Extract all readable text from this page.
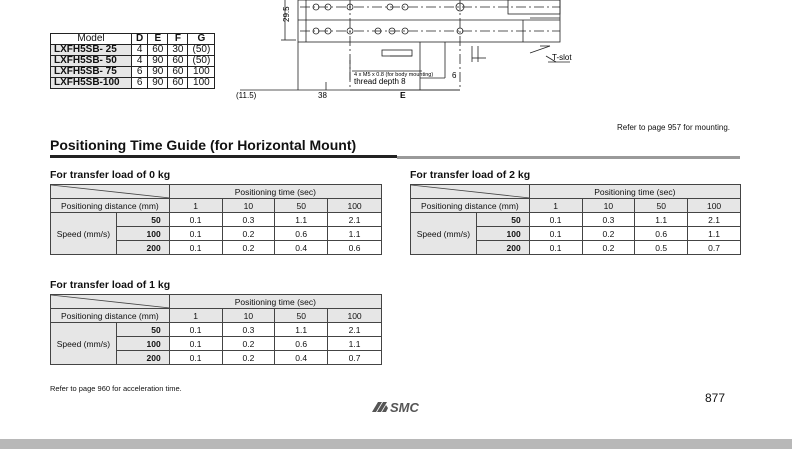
Model	D	E	F	G
LXFH5SB- 25	4	60	30	(50)
LXFH5SB- 50	4	90	60	(50)
LXFH5SB- 75	6	90	60	100
LXFH5SB-100	6	90	60	100
29.5
(11.5)	38	E
6
4 x M5 x 0.8 (for body mounting)
thread depth 8
T-slot
Refer to page 957 for mounting.
Positioning Time Guide (for Horizontal Mount)
For transfer load of 0 kg
	Positioning time (sec)			
Positioning distance (mm)		1	10	50	100
Speed (mm/s)	50	0.1	0.3	1.1	2.1
	100	0.1	0.2	0.6	1.1
	200	0.1	0.2	0.4	0.6
For transfer load of 2 kg
	Positioning time (sec)			
Positioning distance (mm)		1	10	50	100
Speed (mm/s)	50	0.1	0.3	1.1	2.1
	100	0.1	0.2	0.6	1.1
	200	0.1	0.2	0.5	0.7
For transfer load of 1 kg
	Positioning time (sec)			
Positioning distance (mm)		1	10	50	100
Speed (mm/s)	50	0.1	0.3	1.1	2.1
	100	0.1	0.2	0.6	1.1
	200	0.1	0.2	0.4	0.7
Refer to page 960 for acceleration time.
SMC
877
